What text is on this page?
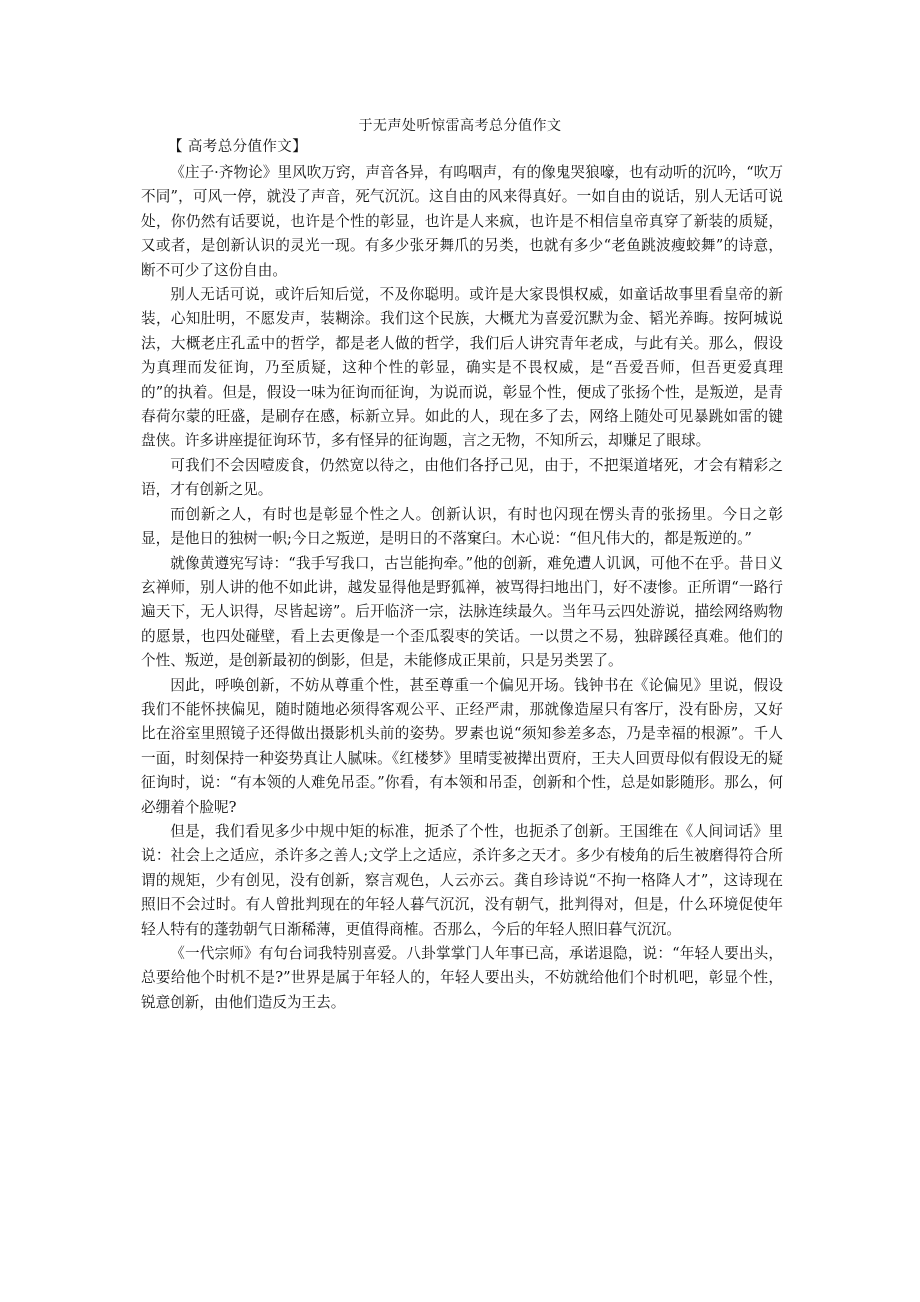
于无声处听惊雷高考总分值作文
【 高考总分值作文】

《庄子·齐物论》里风吹万窍，声音各异，有呜咽声，有的像鬼哭狼嚎，也有动听的沉吟，“吹万不同”，可风一停，就没了声音，死气沉沉。这自由的风来得真好。一如自由的说话，别人无话可说处，你仍然有话要说，也许是个性的彰显，也许是人来疯，也许是不相信皇帝真穿了新装的质疑，又或者，是创新认识的灵光一现。有多少张牙舞爪的另类，也就有多少“老鱼跳波瘦蛟舞”的诗意，断不可少了这份自由。

别人无话可说，或许后知后觉，不及你聪明。或许是大家畏惧权威，如童话故事里看皇帝的新装，心知肚明，不愿发声，装糊涂。我们这个民族，大概尤为喜爱沉默为金、韬光养晦。按阿城说法，大概老庄孔孟中的哲学，都是老人做的哲学，我们后人讲究青年老成，与此有关。那么，假设为真理而发征询，乃至质疑，这种个性的彰显，确实是不畏权威，是“吾爱吾师，但吾更爱真理的”的执着。但是，假设一味为征询而征询，为说而说，彰显个性，便成了张扬个性，是叛逆，是青春荷尔蒙的旺盛，是刷存在感，标新立异。如此的人，现在多了去，网络上随处可见暴跳如雷的键盘侠。许多讲座提征询环节，多有怪异的征询题，言之无物，不知所云，却赚足了眼球。

可我们不会因噎废食，仍然宽以待之，由他们各抒己见，由于，不把渠道堵死，才会有精彩之语，才有创新之见。

而创新之人，有时也是彰显个性之人。创新认识，有时也闪现在愣头青的张扬里。今日之彰显，是他日的独树一帜;今日之叛逆，是明日的不落窠臼。木心说：“但凡伟大的，都是叛逆的。”

就像黄遵宪写诗：“我手写我口，古岂能拘牵。”他的创新，难免遭人讥讽，可他不在乎。昔日义玄禅师，别人讲的他不如此讲，越发显得他是野狐禅，被骂得扫地出门，好不凄惨。正所谓“一路行遍天下，无人识得，尽皆起谤”。后开临济一宗，法脉连续最久。当年马云四处游说，描绘网络购物的愿景，也四处碰壁，看上去更像是一个歪瓜裂枣的笑话。一以贯之不易，独辟蹊径真难。他们的个性、叛逆，是创新最初的倒影，但是，未能修成正果前，只是另类罢了。

因此，呼唤创新，不妨从尊重个性，甚至尊重一个偏见开场。钱钟书在《论偏见》里说，假设我们不能怀挟偏见，随时随地必须得客观公平、正经严肃，那就像造屋只有客厅，没有卧房，又好比在浴室里照镜子还得做出摄影机头前的姿势。罗素也说“须知参差多态，乃是幸福的根源”。千人一面，时刻保持一种姿势真让人腻味。《红楼梦》里晴雯被撵出贾府，王夫人回贾母似有假设无的疑征询时，说：“有本领的人难免吊歪。”你看，有本领和吊歪，创新和个性，总是如影随形。那么，何必绷着个脸呢?

但是，我们看见多少中规中矩的标准，扼杀了个性，也扼杀了创新。王国维在《人间词话》里说：社会上之适应，杀许多之善人;文学上之适应，杀许多之天才。多少有棱角的后生被磨得符合所谓的规矩，少有创见，没有创新，察言观色，人云亦云。龚自珍诗说“不拘一格降人才”，这诗现在照旧不会过时。有人曾批判现在的年轻人暮气沉沉，没有朝气，批判得对，但是，什么环境促使年轻人特有的蓬勃朝气日渐稀薄，更值得商榷。否那么，今后的年轻人照旧暮气沉沉。

《一代宗师》有句台词我特别喜爱。八卦掌掌门人年事已高，承诺退隐，说：“年轻人要出头，总要给他个时机不是?”世界是属于年轻人的，年轻人要出头，不妨就给他们个时机吧，彰显个性，锐意创新，由他们造反为王去。
